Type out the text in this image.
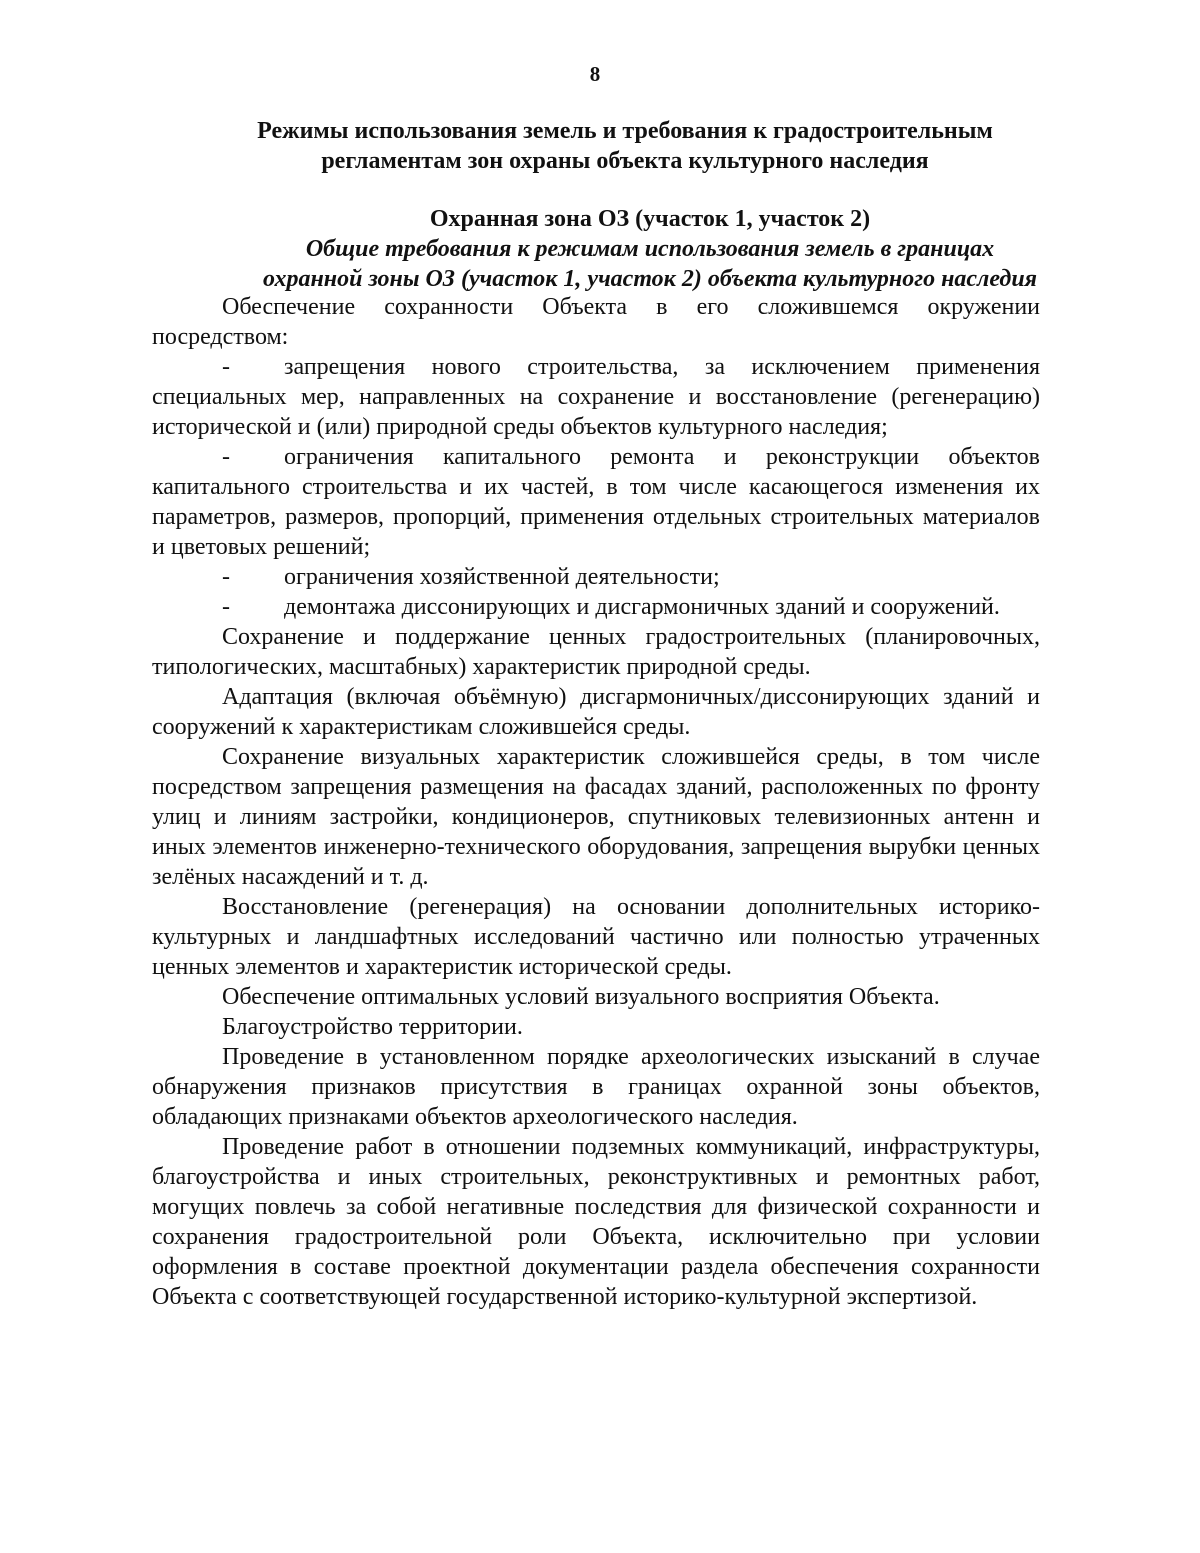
8
Режимы использования земель и требования к градостроительным
регламентам зон охраны объекта культурного наследия
Охранная зона ОЗ (участок 1, участок 2)
Общие требования к режимам использования земель в границах
охранной зоны ОЗ (участок 1, участок 2) объекта культурного наследия

Обеспечение сохранности Объекта в его сложившемся окружении посредством:

- запрещения нового строительства, за исключением применения специальных мер, направленных на сохранение и восстановление (регенерацию) исторической и (или) природной среды объектов культурного наследия;

- ограничения капитального ремонта и реконструкции объектов капитального строительства и их частей, в том числе касающегося изменения их параметров, размеров, пропорций, применения отдельных строительных материалов и цветовых решений;

- ограничения хозяйственной деятельности;

- демонтажа диссонирующих и дисгармоничных зданий и сооружений.

Сохранение и поддержание ценных градостроительных (планировочных, типологических, масштабных) характеристик природной среды.

Адаптация (включая объёмную) дисгармоничных/диссонирующих зданий и сооружений к характеристикам сложившейся среды.

Сохранение визуальных характеристик сложившейся среды, в том числе посредством запрещения размещения на фасадах зданий, расположенных по фронту улиц и линиям застройки, кондиционеров, спутниковых телевизионных антенн и иных элементов инженерно-технического оборудования, запрещения вырубки ценных зелёных насаждений и т. д.

Восстановление (регенерация) на основании дополнительных историко-культурных и ландшафтных исследований частично или полностью утраченных ценных элементов и характеристик исторической среды.

Обеспечение оптимальных условий визуального восприятия Объекта.

Благоустройство территории.

Проведение в установленном порядке археологических изысканий в случае обнаружения признаков присутствия в границах охранной зоны объектов, обладающих признаками объектов археологического наследия.

Проведение работ в отношении подземных коммуникаций, инфраструктуры, благоустройства и иных строительных, реконструктивных и ремонтных работ, могущих повлечь за собой негативные последствия для физической сохранности и сохранения градостроительной роли Объекта, исключительно при условии оформления в составе проектной документации раздела обеспечения сохранности Объекта с соответствующей государственной историко-культурной экспертизой.
